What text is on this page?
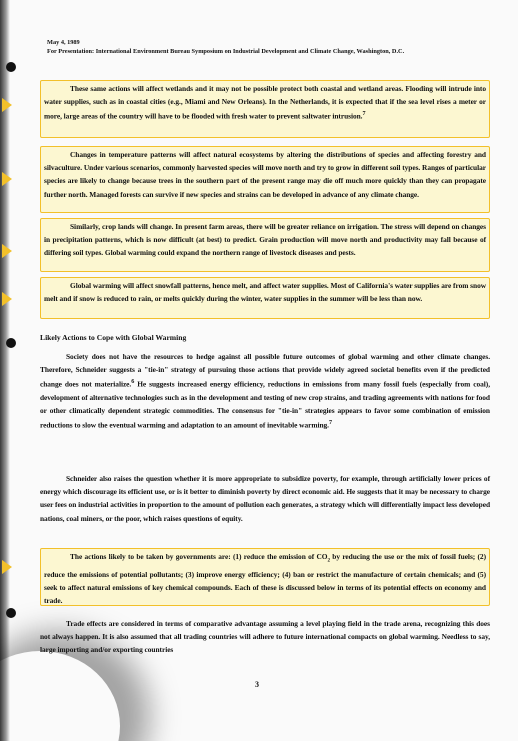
May 4, 1989
For Presentation: International Environment Bureau Symposium on Industrial Development and Climate Change, Washington, D.C.
These same actions will affect wetlands and it may not be possible protect both coastal and wetland areas. Flooding will intrude into water supplies, such as in coastal cities (e.g., Miami and New Orleans). In the Netherlands, it is expected that if the sea level rises a meter or more, large areas of the country will have to be flooded with fresh water to prevent saltwater intrusion.$^7$
Changes in temperature patterns will affect natural ecosystems by altering the distributions of species and affecting forestry and silvaculture. Under various scenarios, commonly harvested species will move north and try to grow in different soil types. Ranges of particular species are likely to change because trees in the southern part of the present range may die off much more quickly than they can propagate further north. Managed forests can survive if new species and strains can be developed in advance of any climate change.
Similarly, crop lands will change. In present farm areas, there will be greater reliance on irrigation. The stress will depend on changes in precipitation patterns, which is now difficult (at best) to predict. Grain production will move north and productivity may fall because of differing soil types. Global warming could expand the northern range of livestock diseases and pests.
Global warming will affect snowfall patterns, hence melt, and affect water supplies. Most of California's water supplies are from snow melt and if snow is reduced to rain, or melts quickly during the winter, water supplies in the summer will be less than now.
Likely Actions to Cope with Global Warming
Society does not have the resources to hedge against all possible future outcomes of global warming and other climate changes. Therefore, Schneider suggests a "tie-in" strategy of pursuing those actions that provide widely agreed societal benefits even if the predicted change does not materialize.$^6$ He suggests increased energy efficiency, reductions in emissions from many fossil fuels (especially from coal), development of alternative technologies such as in the development and testing of new crop strains, and trading agreements with nations for food or other climatically dependent strategic commodities. The consensus for "tie-in" strategies appears to favor some combination of emission reductions to slow the eventual warming and adaptation to an amount of inevitable warming.$^7$
Schneider also raises the question whether it is more appropriate to subsidize poverty, for example, through artificially lower prices of energy which discourage its efficient use, or is it better to diminish poverty by direct economic aid. He suggests that it may be necessary to charge user fees on industrial activities in proportion to the amount of pollution each generates, a strategy which will differentially impact less developed nations, coal miners, or the poor, which raises questions of equity.
The actions likely to be taken by governments are: (1) reduce the emission of $CO_2$ by reducing the use or the mix of fossil fuels; (2) reduce the emissions of potential pollutants; (3) improve energy efficiency; (4) ban or restrict the manufacture of certain chemicals; and (5) seek to affect natural emissions of key chemical compounds. Each of these is discussed below in terms of its potential effects on economy and trade.
Trade effects are considered in terms of comparative advantage assuming a level playing field in the trade arena, recognizing this does not always happen. It is also assumed that all trading countries will adhere to future international compacts on global warming. Needless to say, large importing and/or exporting countries
3
